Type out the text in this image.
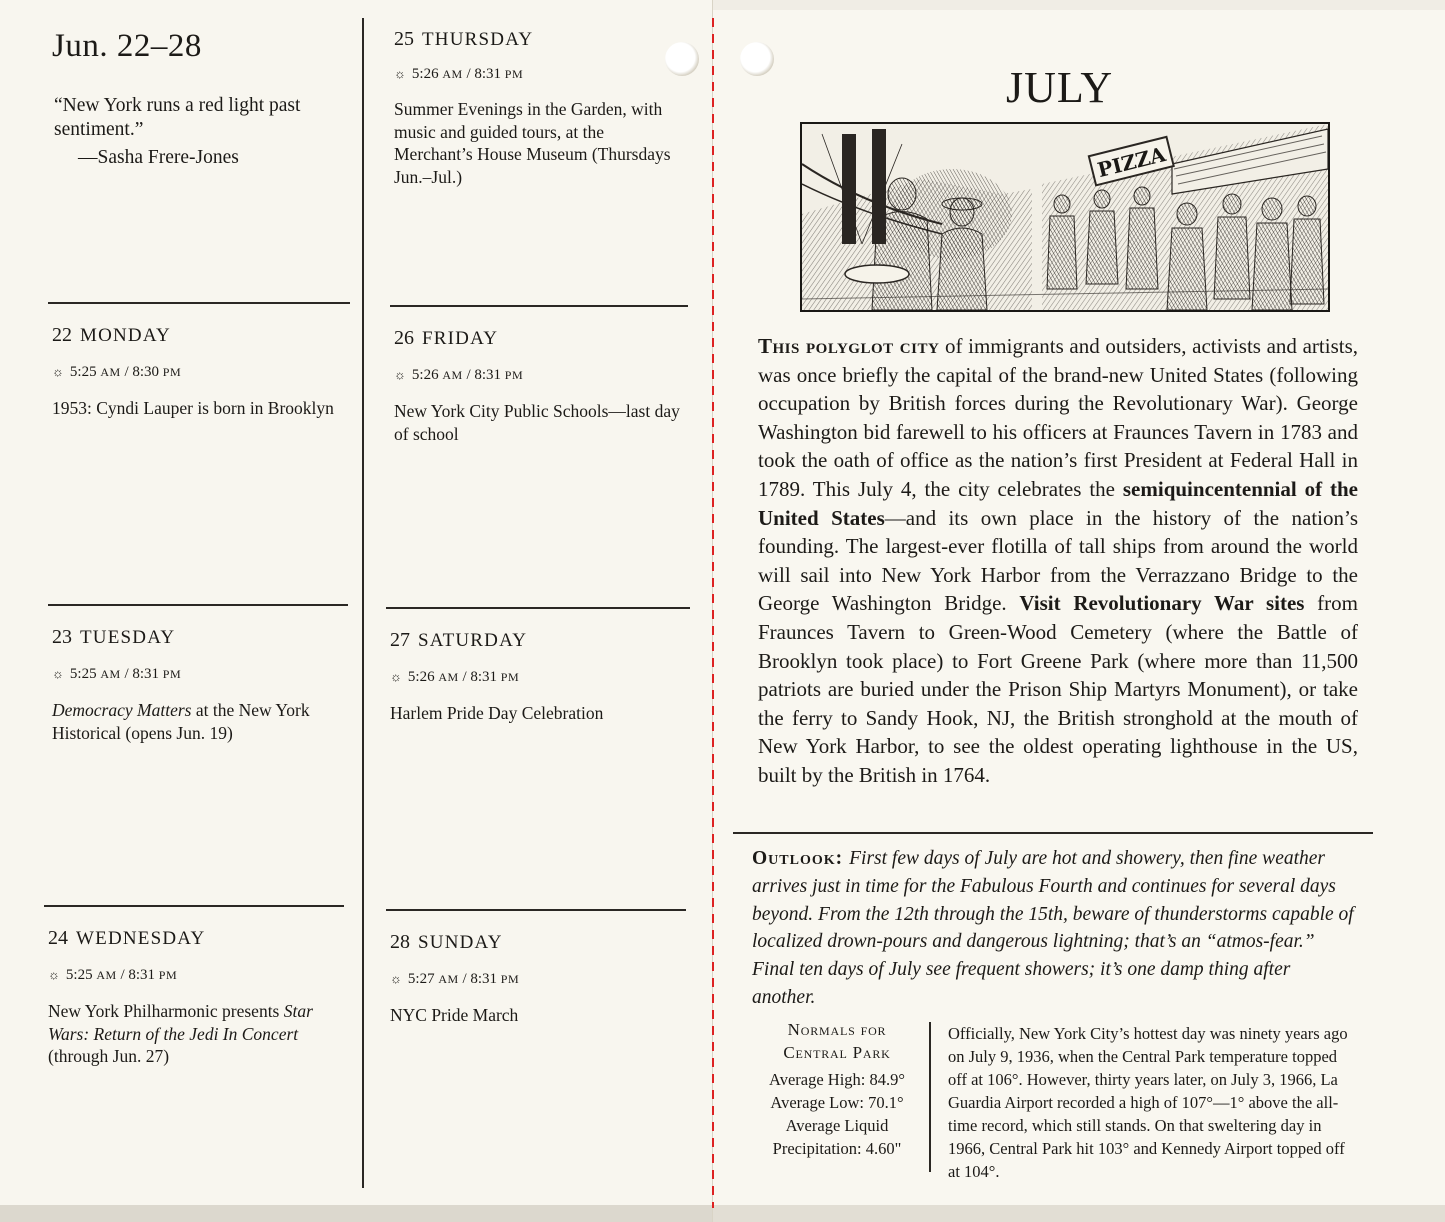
Jun. 22–28
“New York runs a red light past sentiment.”
—Sasha Frere-Jones
22 MONDAY
☼ 5:25 AM / 8:30 PM
1953: Cyndi Lauper is born in Brooklyn
23 TUESDAY
☼ 5:25 AM / 8:31 PM
Democracy Matters at the New York Historical (opens Jun. 19)
24 WEDNESDAY
☼ 5:25 AM / 8:31 PM
New York Philharmonic presents Star Wars: Return of the Jedi In Concert (through Jun. 27)
25 THURSDAY
☼ 5:26 AM / 8:31 PM
Summer Evenings in the Garden, with music and guided tours, at the Merchant’s House Museum (Thursdays Jun.–Jul.)
26 FRIDAY
☼ 5:26 AM / 8:31 PM
New York City Public Schools—last day of school
27 SATURDAY
☼ 5:26 AM / 8:31 PM
Harlem Pride Day Celebration
28 SUNDAY
☼ 5:27 AM / 8:31 PM
NYC Pride March
JULY
PIZZA
This polyglot city of immigrants and outsiders, activists and artists, was once briefly the capital of the brand-new United States (following occupation by British forces during the Revolutionary War). George Washington bid farewell to his officers at Fraunces Tavern in 1783 and took the oath of office as the nation’s first President at Federal Hall in 1789. This July 4, the city celebrates the semiquincentennial of the United States—and its own place in the history of the nation’s founding. The largest-ever flotilla of tall ships from around the world will sail into New York Harbor from the Verrazzano Bridge to the George Washington Bridge. Visit Revolutionary War sites from Fraunces Tavern to Green-Wood Cemetery (where the Battle of Brooklyn took place) to Fort Greene Park (where more than 11,500 patriots are buried under the Prison Ship Martyrs Monument), or take the ferry to Sandy Hook, NJ, the British stronghold at the mouth of New York Harbor, to see the oldest operating lighthouse in the US, built by the British in 1764.
Outlook: First few days of July are hot and showery, then fine weather arrives just in time for the Fabulous Fourth and continues for several days beyond. From the 12th through the 15th, beware of thunderstorms capable of localized drown-pours and dangerous lightning; that’s an “atmos-fear.” Final ten days of July see frequent showers; it’s one damp thing after another.
Normals for Central Park
Average High: 84.9°
Average Low: 70.1°
Average Liquid
Precipitation: 4.60"
Officially, New York City’s hottest day was ninety years ago on July 9, 1936, when the Central Park temperature topped off at 106°. However, thirty years later, on July 3, 1966, La Guardia Airport recorded a high of 107°—1° above the all-time record, which still stands. On that sweltering day in 1966, Central Park hit 103° and Kennedy Airport topped off at 104°.
